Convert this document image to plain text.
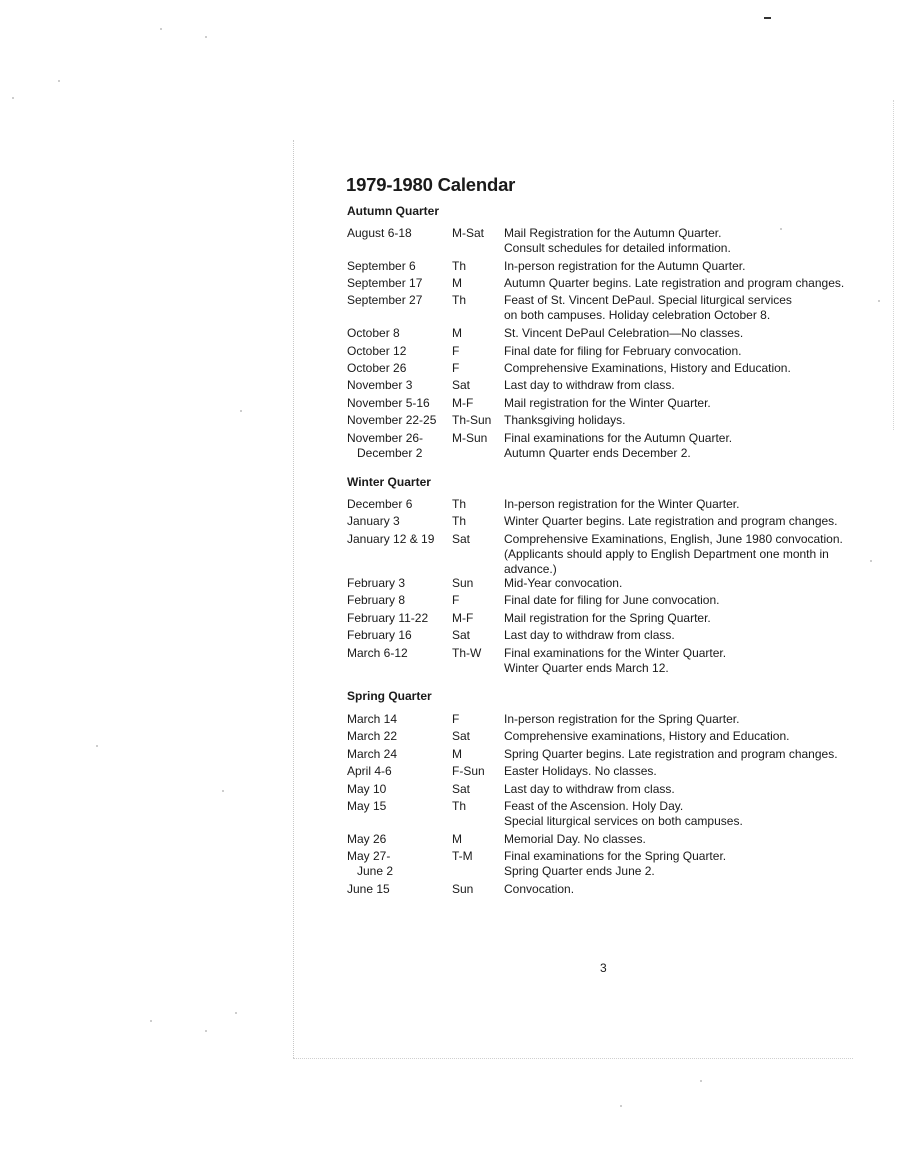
1979-1980 Calendar
Autumn Quarter
August 6-18	M-Sat	Mail Registration for the Autumn Quarter.
Consult schedules for detailed information.
September 6	Th	In-person registration for the Autumn Quarter.
September 17	M	Autumn Quarter begins. Late registration and program changes.
September 27	Th	Feast of St. Vincent DePaul. Special liturgical services
on both campuses. Holiday celebration October 8.
October 8	M	St. Vincent DePaul Celebration—No classes.
October 12	F	Final date for filing for February convocation.
October 26	F	Comprehensive Examinations, History and Education.
November 3	Sat	Last day to withdraw from class.
November 5-16	M-F	Mail registration for the Winter Quarter.
November 22-25	Th-Sun	Thanksgiving holidays.
November 26-
December 2
M-Sun	Final examinations for the Autumn Quarter.
Autumn Quarter ends December 2.
Winter Quarter
December 6	Th	In-person registration for the Winter Quarter.
January 3	Th	Winter Quarter begins. Late registration and program changes.
January 12 & 19	Sat	Comprehensive Examinations, English, June 1980 convocation.
(Applicants should apply to English Department one month in
advance.)
February 3	Sun	Mid-Year convocation.
February 8	F	Final date for filing for June convocation.
February 11-22	M-F	Mail registration for the Spring Quarter.
February 16	Sat	Last day to withdraw from class.
March 6-12	Th-W	Final examinations for the Winter Quarter.
Winter Quarter ends March 12.
Spring Quarter
March 14	F	In-person registration for the Spring Quarter.
March 22	Sat	Comprehensive examinations, History and Education.
March 24	M	Spring Quarter begins. Late registration and program changes.
April 4-6	F-Sun	Easter Holidays. No classes.
May 10	Sat	Last day to withdraw from class.
May 15	Th	Feast of the Ascension. Holy Day.
Special liturgical services on both campuses.
May 26	M	Memorial Day. No classes.
May 27-
June 2
T-M	Final examinations for the Spring Quarter.
Spring Quarter ends June 2.
June 15	Sun	Convocation.
3
